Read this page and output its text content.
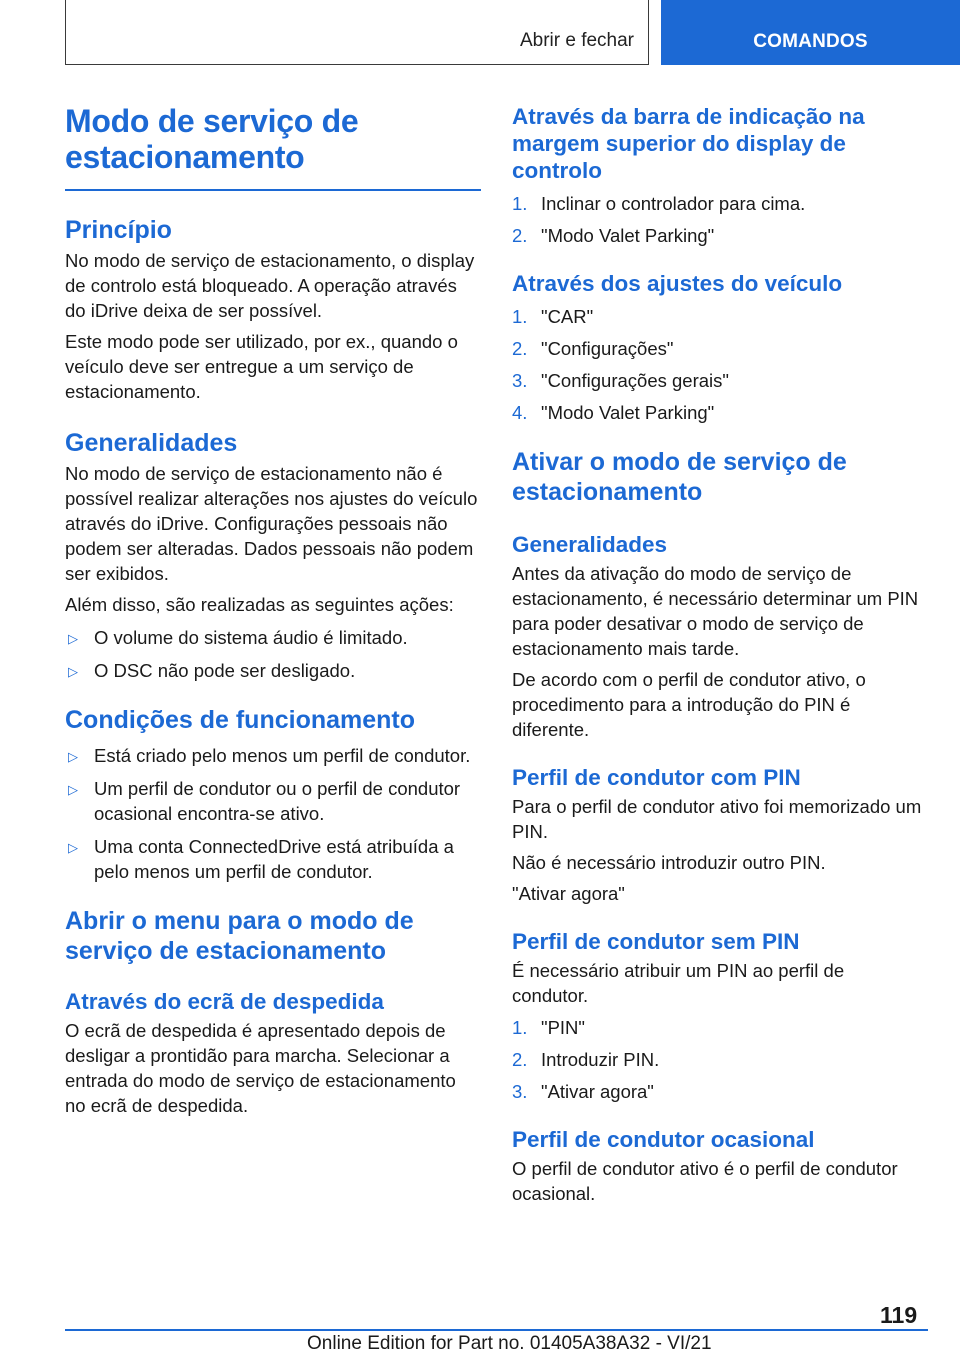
Abrir e fechar	COMANDOS
Modo de serviço de estacionamento
Princípio

No modo de serviço de estacionamento, o display de controlo está bloqueado. A operação através do iDrive deixa de ser possível.

Este modo pode ser utilizado, por ex., quando o veículo deve ser entregue a um serviço de estacionamento.

Generalidades

No modo de serviço de estacionamento não é possível realizar alterações nos ajustes do veículo através do iDrive. Configurações pessoais não podem ser alteradas. Dados pessoais não podem ser exibidos.

Além disso, são realizadas as seguintes ações:

▷ O volume do sistema áudio é limitado.
▷ O DSC não pode ser desligado.
Condições de funcionamento
▷ Está criado pelo menos um perfil de condutor.
▷ Um perfil de condutor ou o perfil de condutor ocasional encontra-se ativo.
▷ Uma conta ConnectedDrive está atribuída a pelo menos um perfil de condutor.
Abrir o menu para o modo de serviço de estacionamento
Através do ecrã de despedida

O ecrã de despedida é apresentado depois de desligar a prontidão para marcha. Selecionar a entrada do modo de serviço de estacionamento no ecrã de despedida.

Através da barra de indicação na margem superior do display de controlo
1. Inclinar o controlador para cima.
2. "Modo Valet Parking"
Através dos ajustes do veículo
1. "CAR"
2. "Configurações"
3. "Configurações gerais"
4. "Modo Valet Parking"
Ativar o modo de serviço de estacionamento
Generalidades

Antes da ativação do modo de serviço de estacionamento, é necessário determinar um PIN para poder desativar o modo de serviço de estacionamento mais tarde.

De acordo com o perfil de condutor ativo, o procedimento para a introdução do PIN é diferente.

Perfil de condutor com PIN

Para o perfil de condutor ativo foi memorizado um PIN.

Não é necessário introduzir outro PIN.

"Ativar agora"

Perfil de condutor sem PIN

É necessário atribuir um PIN ao perfil de condutor.

1. "PIN"
2. Introduzir PIN.
3. "Ativar agora"
Perfil de condutor ocasional

O perfil de condutor ativo é o perfil de condutor ocasional.

119
Online Edition for Part no. 01405A38A32 - VI/21
